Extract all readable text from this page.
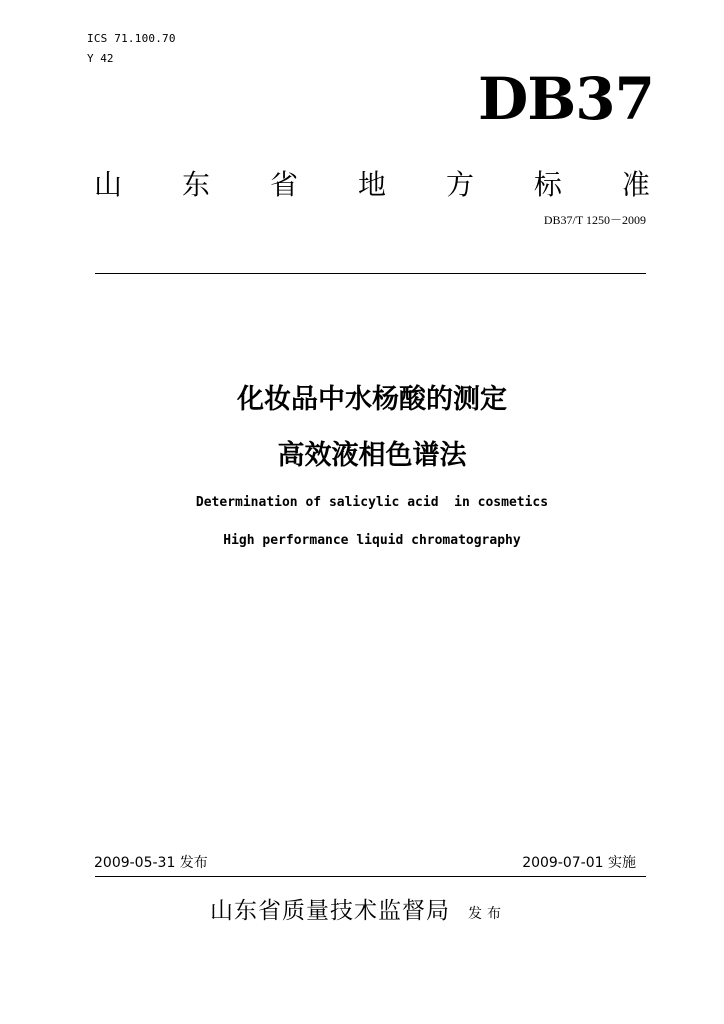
ICS 71.100.70
Y 42
DB37
山 东 省 地 方 标 准
DB37/T 1250－2009
化妆品中水杨酸的测定
高效液相色谱法
Determination of salicylic acid  in cosmetics
High performance liquid chromatography
2009-05-31 发布	2009-07-01 实施
山东省质量技术监督局 发布
